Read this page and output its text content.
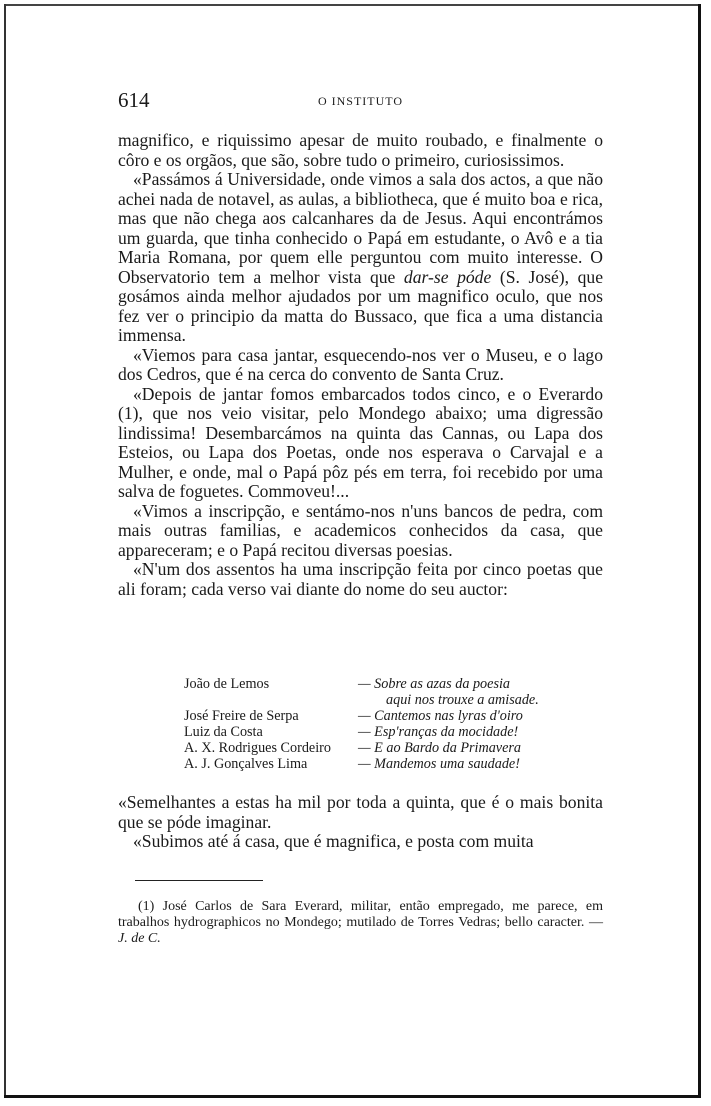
614	O INSTITUTO

magnifico, e riquissimo apesar de muito roubado, e finalmente o côro e os orgãos, que são, sobre tudo o primeiro, curiosissimos.

«Passámos á Universidade, onde vimos a sala dos actos, a que não achei nada de notavel, as aulas, a bibliotheca, que é muito boa e rica, mas que não chega aos calcanhares da de Jesus. Aqui encontrámos um guarda, que tinha conhecido o Papá em estudante, o Avô e a tia Maria Romana, por quem elle perguntou com muito interesse. O Observatorio tem a melhor vista que dar-se póde (S. José), que gosámos ainda melhor ajudados por um magnifico oculo, que nos fez ver o principio da matta do Bussaco, que fica a uma distancia immensa.

«Viemos para casa jantar, esquecendo-nos ver o Museu, e o lago dos Cedros, que é na cerca do convento de Santa Cruz.

«Depois de jantar fomos embarcados todos cinco, e o Everardo (1), que nos veio visitar, pelo Mondego abaixo; uma digressão lindissima! Desembarcámos na quinta das Cannas, ou Lapa dos Esteios, ou Lapa dos Poetas, onde nos esperava o Carvajal e a Mulher, e onde, mal o Papá pôz pés em terra, foi recebido por uma salva de foguetes. Commoveu!...

«Vimos a inscripção, e sentámo-nos n'uns bancos de pedra, com mais outras familias, e academicos conhecidos da casa, que appareceram; e o Papá recitou diversas poesias.

«N'um dos assentos ha uma inscripção feita por cinco poetas que ali foram; cada verso vai diante do nome do seu auctor:

João de Lemos	— Sobre as azas da poesia
aqui nos trouxe a amisade.
José Freire de Serpa	— Cantemos nas lyras d'oiro
Luiz da Costa	— Esp'ranças da mocidade!
A. X. Rodrigues Cordeiro	— E ao Bardo da Primavera
A. J. Gonçalves Lima	— Mandemos uma saudade!

«Semelhantes a estas ha mil por toda a quinta, que é o mais bonita que se póde imaginar.

«Subimos até á casa, que é magnifica, e posta com muita

(1) José Carlos de Sara Everard, militar, então empregado, me parece, em trabalhos hydrographicos no Mondego; mutilado de Torres Vedras; bello caracter. — J. de C.
